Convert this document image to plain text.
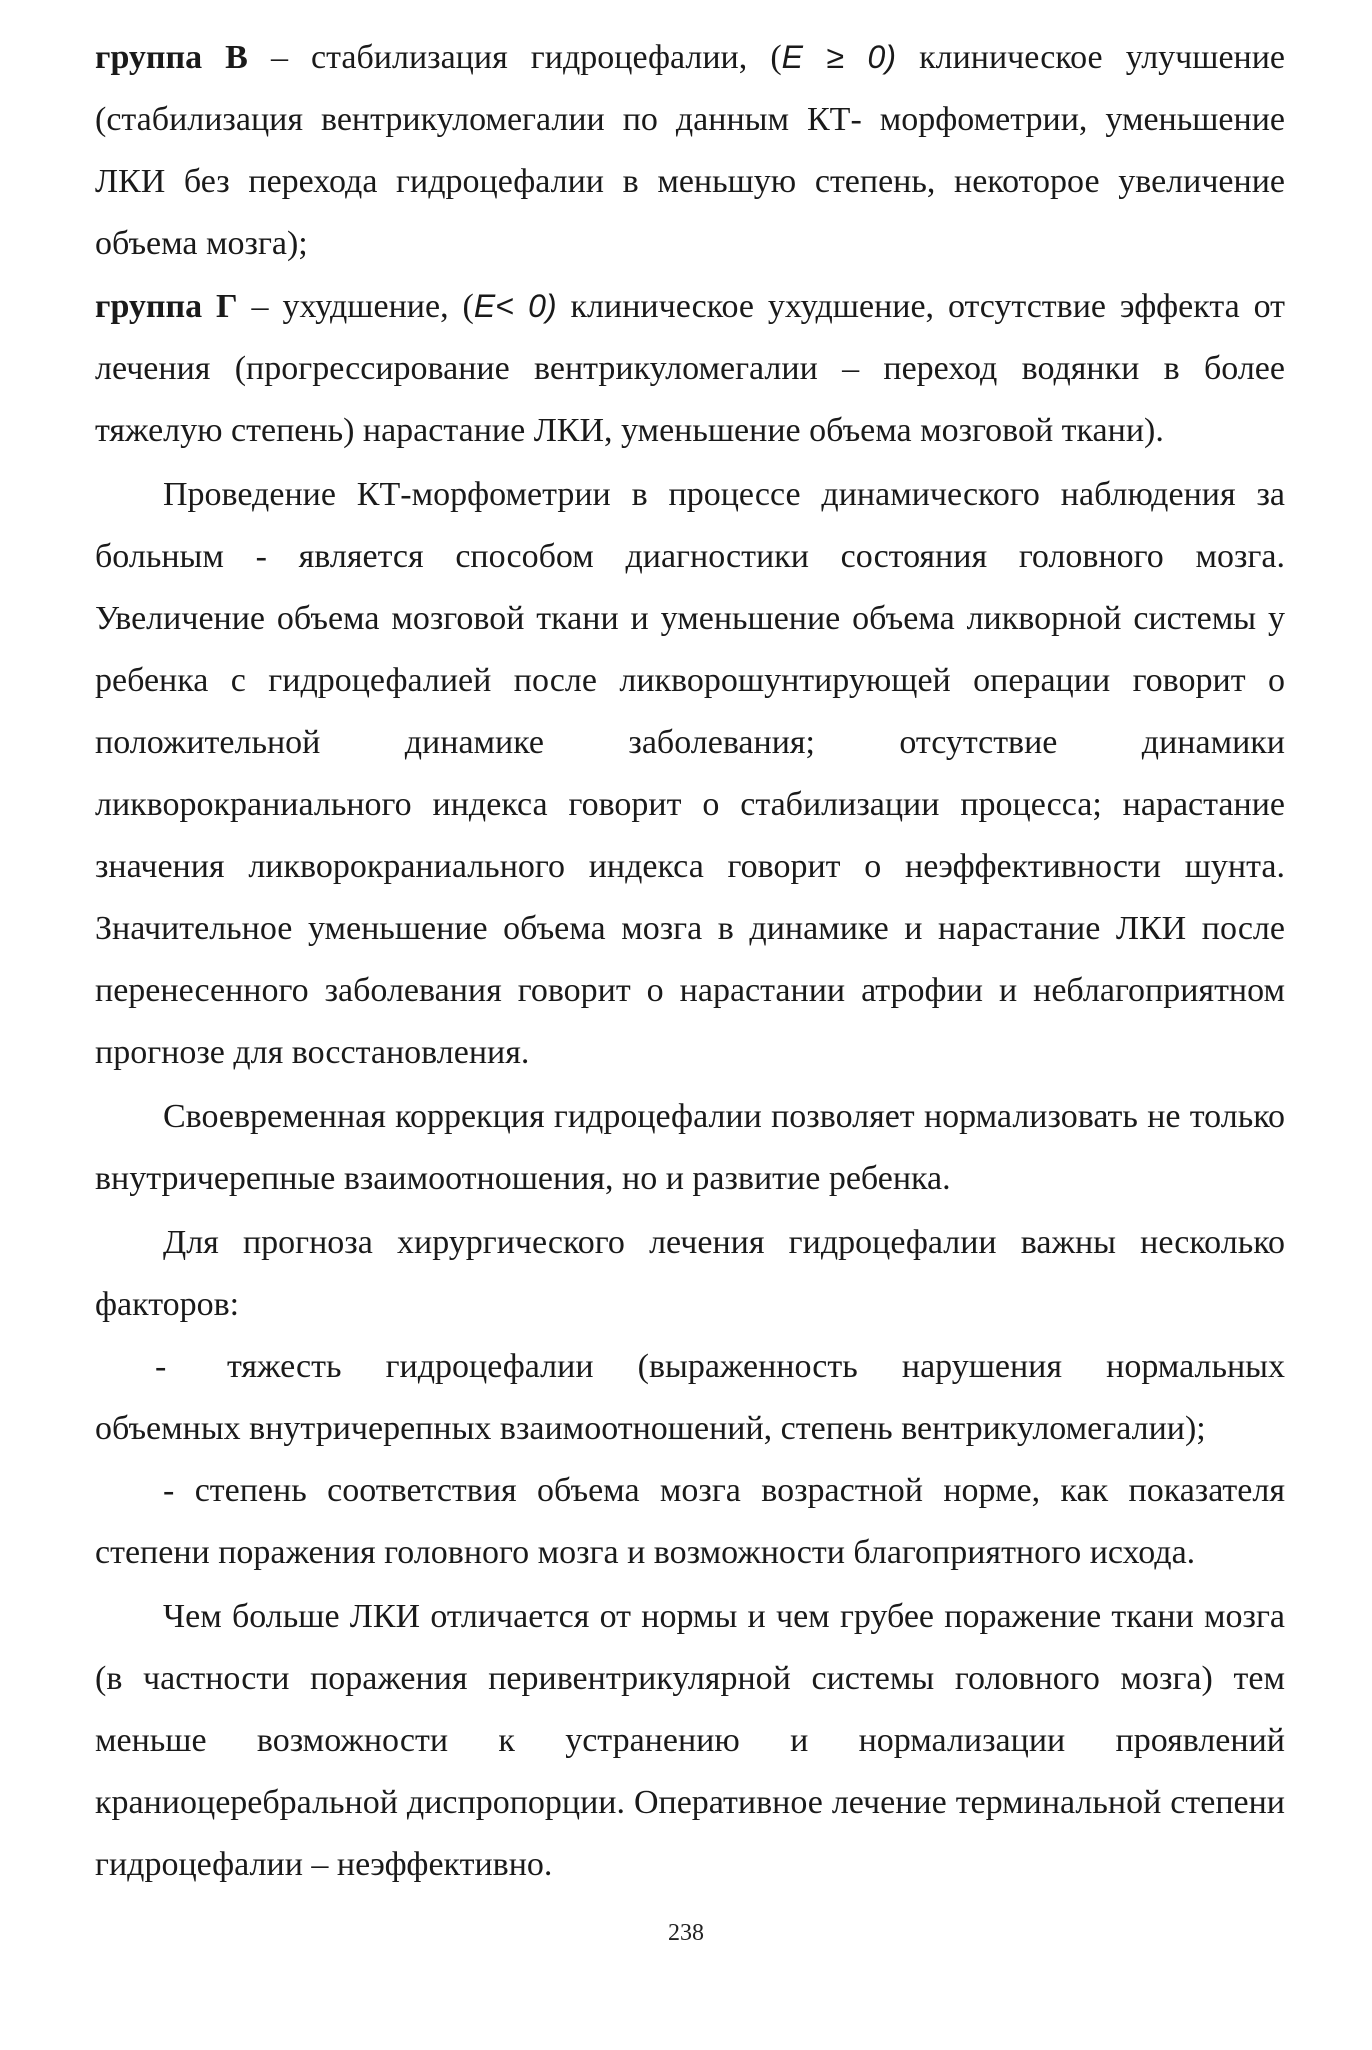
группа В – стабилизация гидроцефалии, (E ≥ 0) клиническое улучшение (стабилизация вентрикуломегалии по данным КТ- морфометрии, уменьшение ЛКИ без перехода гидроцефалии в меньшую степень, некоторое увеличение объема мозга);

группа Г – ухудшение, (E< 0) клиническое ухудшение, отсутствие эффекта от лечения (прогрессирование вентрикуломегалии – переход водянки в более тяжелую степень) нарастание ЛКИ, уменьшение объема мозговой ткани).

Проведение КТ-морфометрии в процессе динамического наблюдения за больным - является способом диагностики состояния головного мозга. Увеличение объема мозговой ткани и уменьшение объема ликворной системы у ребенка с гидроцефалией после ликворошунтирующей операции говорит о положительной динамике заболевания; отсутствие динамики ликворокраниального индекса говорит о стабилизации процесса; нарастание значения ликворокраниального индекса говорит о неэффективности шунта. Значительное уменьшение объема мозга в динамике и нарастание ЛКИ после перенесенного заболевания говорит о нарастании атрофии и неблагоприятном прогнозе для восстановления.

Своевременная коррекция гидроцефалии позволяет нормализовать не только внутричерепные взаимоотношения, но и развитие ребенка.

Для прогноза хирургического лечения гидроцефалии важны несколько факторов:

- тяжесть гидроцефалии (выраженность нарушения нормальных объемных внутричерепных взаимоотношений, степень вентрикуломегалии);

- степень соответствия объема мозга возрастной норме, как показателя степени поражения головного мозга и возможности благоприятного исхода.

Чем больше ЛКИ отличается от нормы и чем грубее поражение ткани мозга (в частности поражения перивентрикулярной системы головного мозга) тем меньше возможности к устранению и нормализации проявлений краниоцеребральной диспропорции. Оперативное лечение терминальной степени гидроцефалии – неэффективно.

238
